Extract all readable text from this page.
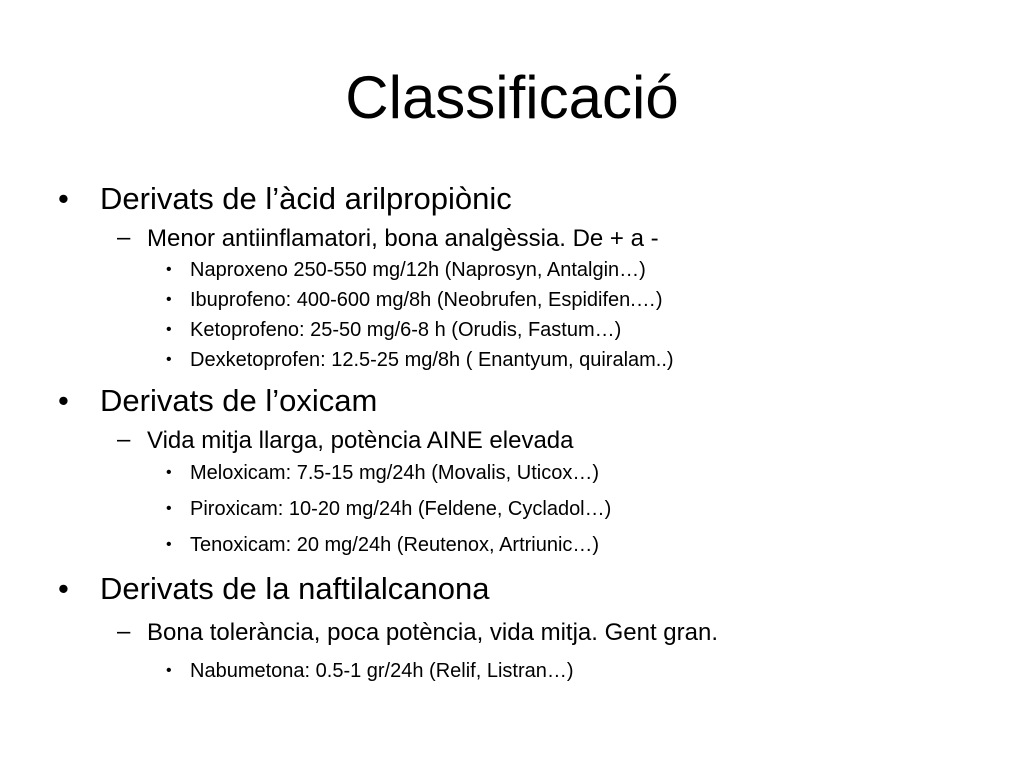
Classificació
• Derivats de l’àcid arilpropiònic
– Menor antiinflamatori, bona analgèssia. De + a -
• Naproxeno 250-550 mg/12h (Naprosyn, Antalgin…)
• Ibuprofeno: 400-600 mg/8h (Neobrufen, Espidifen.…)
• Ketoprofeno: 25-50 mg/6-8 h (Orudis, Fastum…)
• Dexketoprofen: 12.5-25 mg/8h ( Enantyum, quiralam..)
• Derivats de l’oxicam
– Vida mitja llarga, potència AINE elevada
• Meloxicam: 7.5-15 mg/24h (Movalis, Uticox…)
• Piroxicam: 10-20 mg/24h (Feldene, Cycladol…)
• Tenoxicam: 20 mg/24h (Reutenox, Artriunic…)
• Derivats de la naftilalcanona
– Bona tolerància, poca potència, vida mitja. Gent gran.
• Nabumetona: 0.5-1 gr/24h (Relif, Listran…)
